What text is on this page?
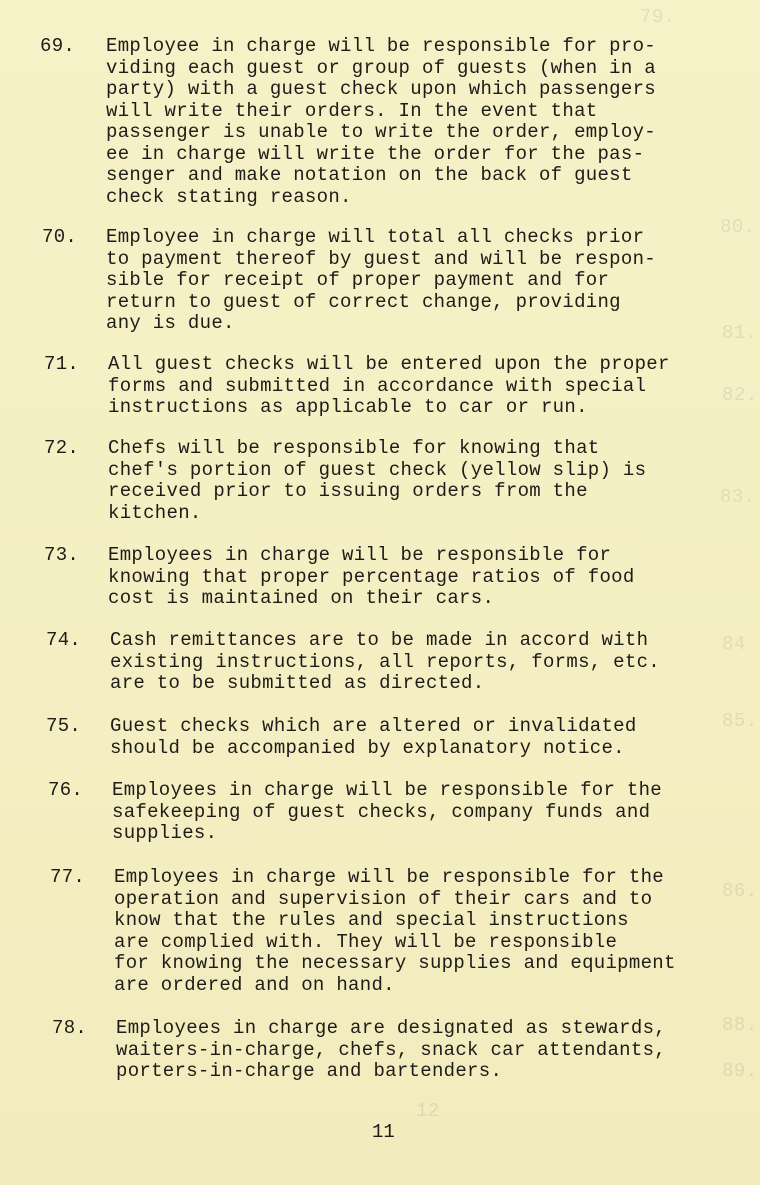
79.
80.
81.
82.
83.
84
85.
86.
88.
89.
12
69. Employee in charge will be responsible for pro-
viding each guest or group of guests (when in a
party) with a guest check upon which passengers
will write their orders. In the event that
passenger is unable to write the order, employ-
ee in charge will write the order for the pas-
senger and make notation on the back of guest
check stating reason.
70. Employee in charge will total all checks prior
to payment thereof by guest and will be respon-
sible for receipt of proper payment and for
return to guest of correct change, providing
any is due.
71. All guest checks will be entered upon the proper
forms and submitted in accordance with special
instructions as applicable to car or run.
72. Chefs will be responsible for knowing that
chef's portion of guest check (yellow slip) is
received prior to issuing orders from the
kitchen.
73. Employees in charge will be responsible for
knowing that proper percentage ratios of food
cost is maintained on their cars.
74. Cash remittances are to be made in accord with
existing instructions, all reports, forms, etc.
are to be submitted as directed.
75. Guest checks which are altered or invalidated
should be accompanied by explanatory notice.
76. Employees in charge will be responsible for the
safekeeping of guest checks, company funds and
supplies.
77. Employees in charge will be responsible for the
operation and supervision of their cars and to
know that the rules and special instructions
are complied with. They will be responsible
for knowing the necessary supplies and equipment
are ordered and on hand.
78. Employees in charge are designated as stewards,
waiters-in-charge, chefs, snack car attendants,
porters-in-charge and bartenders.
11
